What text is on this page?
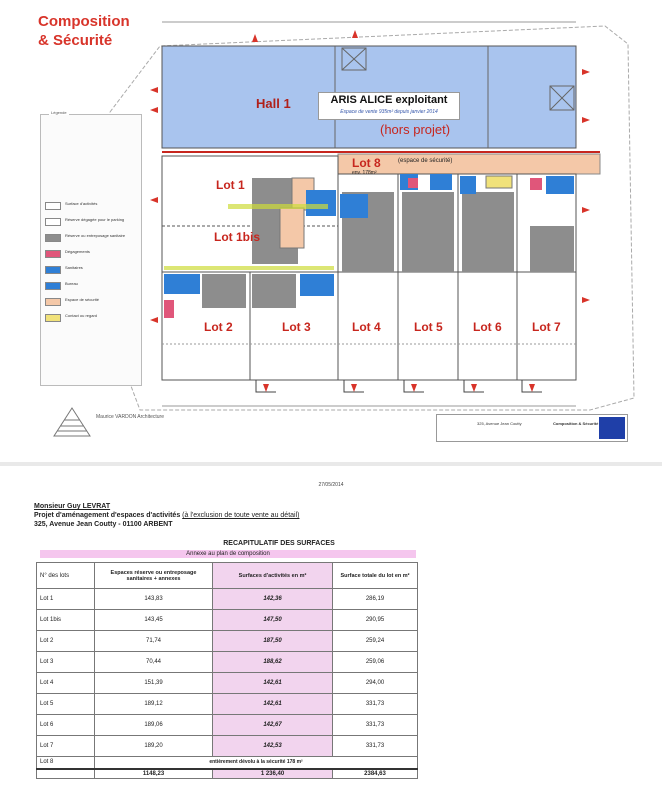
Composition
& Sécurité
Hall 1	ARIS ALICE exploitant
Espace de vente 935m² depuis janvier 2014
(hors projet)
Lot 8	(espace de sécurité)
env. 178m²
Lot 1
Lot 1bis
Lot 2	Lot 3	Lot 4	Lot 5	Lot 6	Lot 7
Légende
Surface d'activités
Réserve dégagée pour le parking
Réserve ou entreposage sanitaire
Dégagements
Sanitaires
Bureau
Espace de sécurité
Contact ou regard
Maurice VARDON Architecture
325, Avenue Jean Coutty	Composition & Sécurité
27/05/2014
Monsieur Guy LEVRAT
Projet d'aménagement d'espaces d'activités (à l'exclusion de toute vente au détail)
325, Avenue Jean Coutty - 01100 ARBENT
RECAPITULATIF DES SURFACES
Annexe au plan de composition
N° des lots	Espaces réserve ou entreposage sanitaires + annexes	Surfaces d'activités en m²	Surface totale du lot en m²
Lot 1	143,83	142,36	286,19
Lot 1bis	143,45	147,50	290,95
Lot 2	71,74	187,50	259,24
Lot 3	70,44	188,62	259,06
Lot 4	151,39	142,61	294,00
Lot 5	189,12	142,61	331,73
Lot 6	189,06	142,67	331,73
Lot 7	189,20	142,53	331,73
Lot 8	entièrement dévolu à la sécurité 178 m²		
	1148,23	1 236,40	2384,63
